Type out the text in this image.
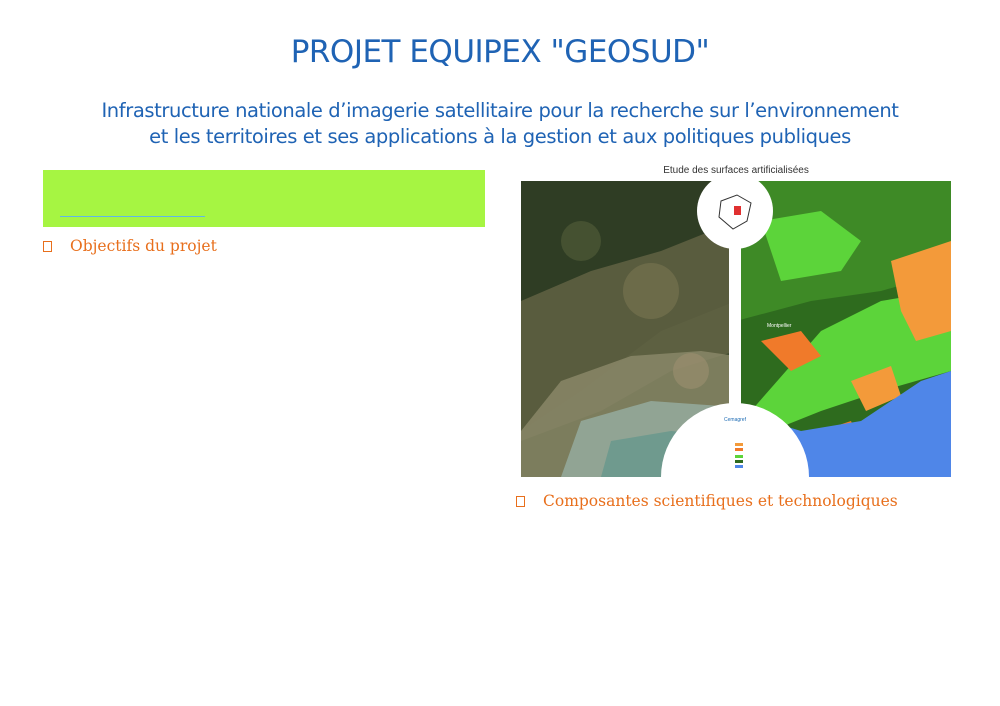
PROJET EQUIPEX "GEOSUD"
Infrastructure nationale d’imagerie satellitaire pour la recherche sur l’environnement
et les territoires et ses applications à la gestion et aux politiques publiques
Objectifs du projet
Etude des surfaces artificialisées
Cemagref
Montpellier
Composantes scientifiques et technologiques
